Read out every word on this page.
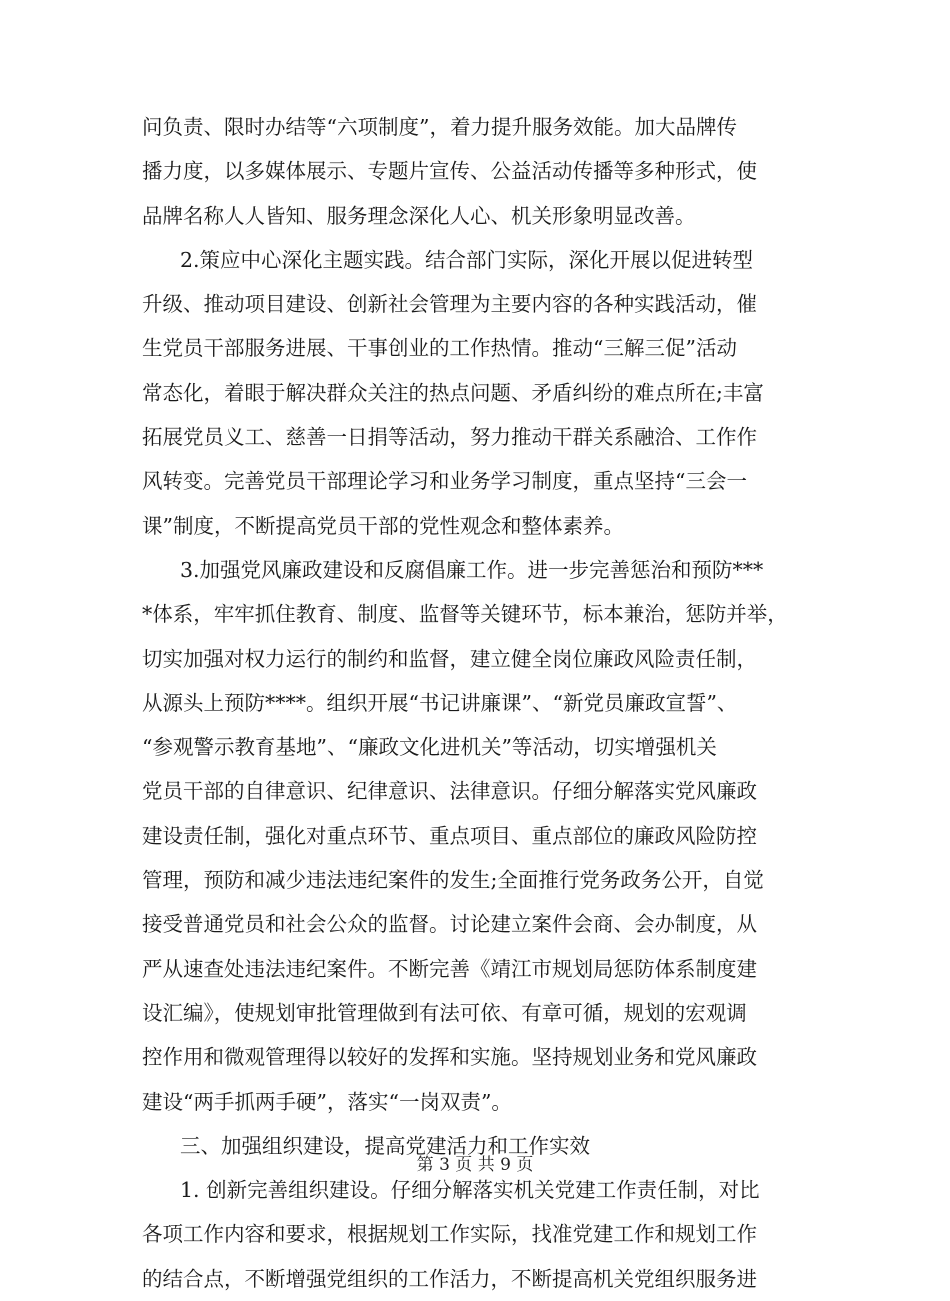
问负责、限时办结等“六项制度”，着力提升服务效能。加大品牌传
播力度，以多媒体展示、专题片宣传、公益活动传播等多种形式，使
品牌名称人人皆知、服务理念深化人心、机关形象明显改善。
2.策应中心深化主题实践。结合部门实际，深化开展以促进转型
升级、推动项目建设、创新社会管理为主要内容的各种实践活动，催
生党员干部服务进展、干事创业的工作热情。推动“三解三促”活动
常态化，着眼于解决群众关注的热点问题、矛盾纠纷的难点所在;丰富
拓展党员义工、慈善一日捐等活动，努力推动干群关系融洽、工作作
风转变。完善党员干部理论学习和业务学习制度，重点坚持“三会一
课”制度，不断提高党员干部的党性观念和整体素养。
3.加强党风廉政建设和反腐倡廉工作。进一步完善惩治和预防***
*体系，牢牢抓住教育、制度、监督等关键环节，标本兼治，惩防并举，
切实加强对权力运行的制约和监督，建立健全岗位廉政风险责任制，
从源头上预防****。组织开展“书记讲廉课”、“新党员廉政宣誓”、
“参观警示教育基地”、“廉政文化进机关”等活动，切实增强机关
党员干部的自律意识、纪律意识、法律意识。仔细分解落实党风廉政
建设责任制，强化对重点环节、重点项目、重点部位的廉政风险防控
管理，预防和减少违法违纪案件的发生;全面推行党务政务公开，自觉
接受普通党员和社会公众的监督。讨论建立案件会商、会办制度，从
严从速查处违法违纪案件。不断完善《靖江市规划局惩防体系制度建
设汇编》，使规划审批管理做到有法可依、有章可循，规划的宏观调
控作用和微观管理得以较好的发挥和实施。坚持规划业务和党风廉政
建设“两手抓两手硬”，落实“一岗双责”。
三、加强组织建设，提高党建活力和工作实效
1. 创新完善组织建设。仔细分解落实机关党建工作责任制，对比
各项工作内容和要求，根据规划工作实际，找准党建工作和规划工作
的结合点，不断增强党组织的工作活力，不断提高机关党组织服务进
第 3 页 共 9 页
